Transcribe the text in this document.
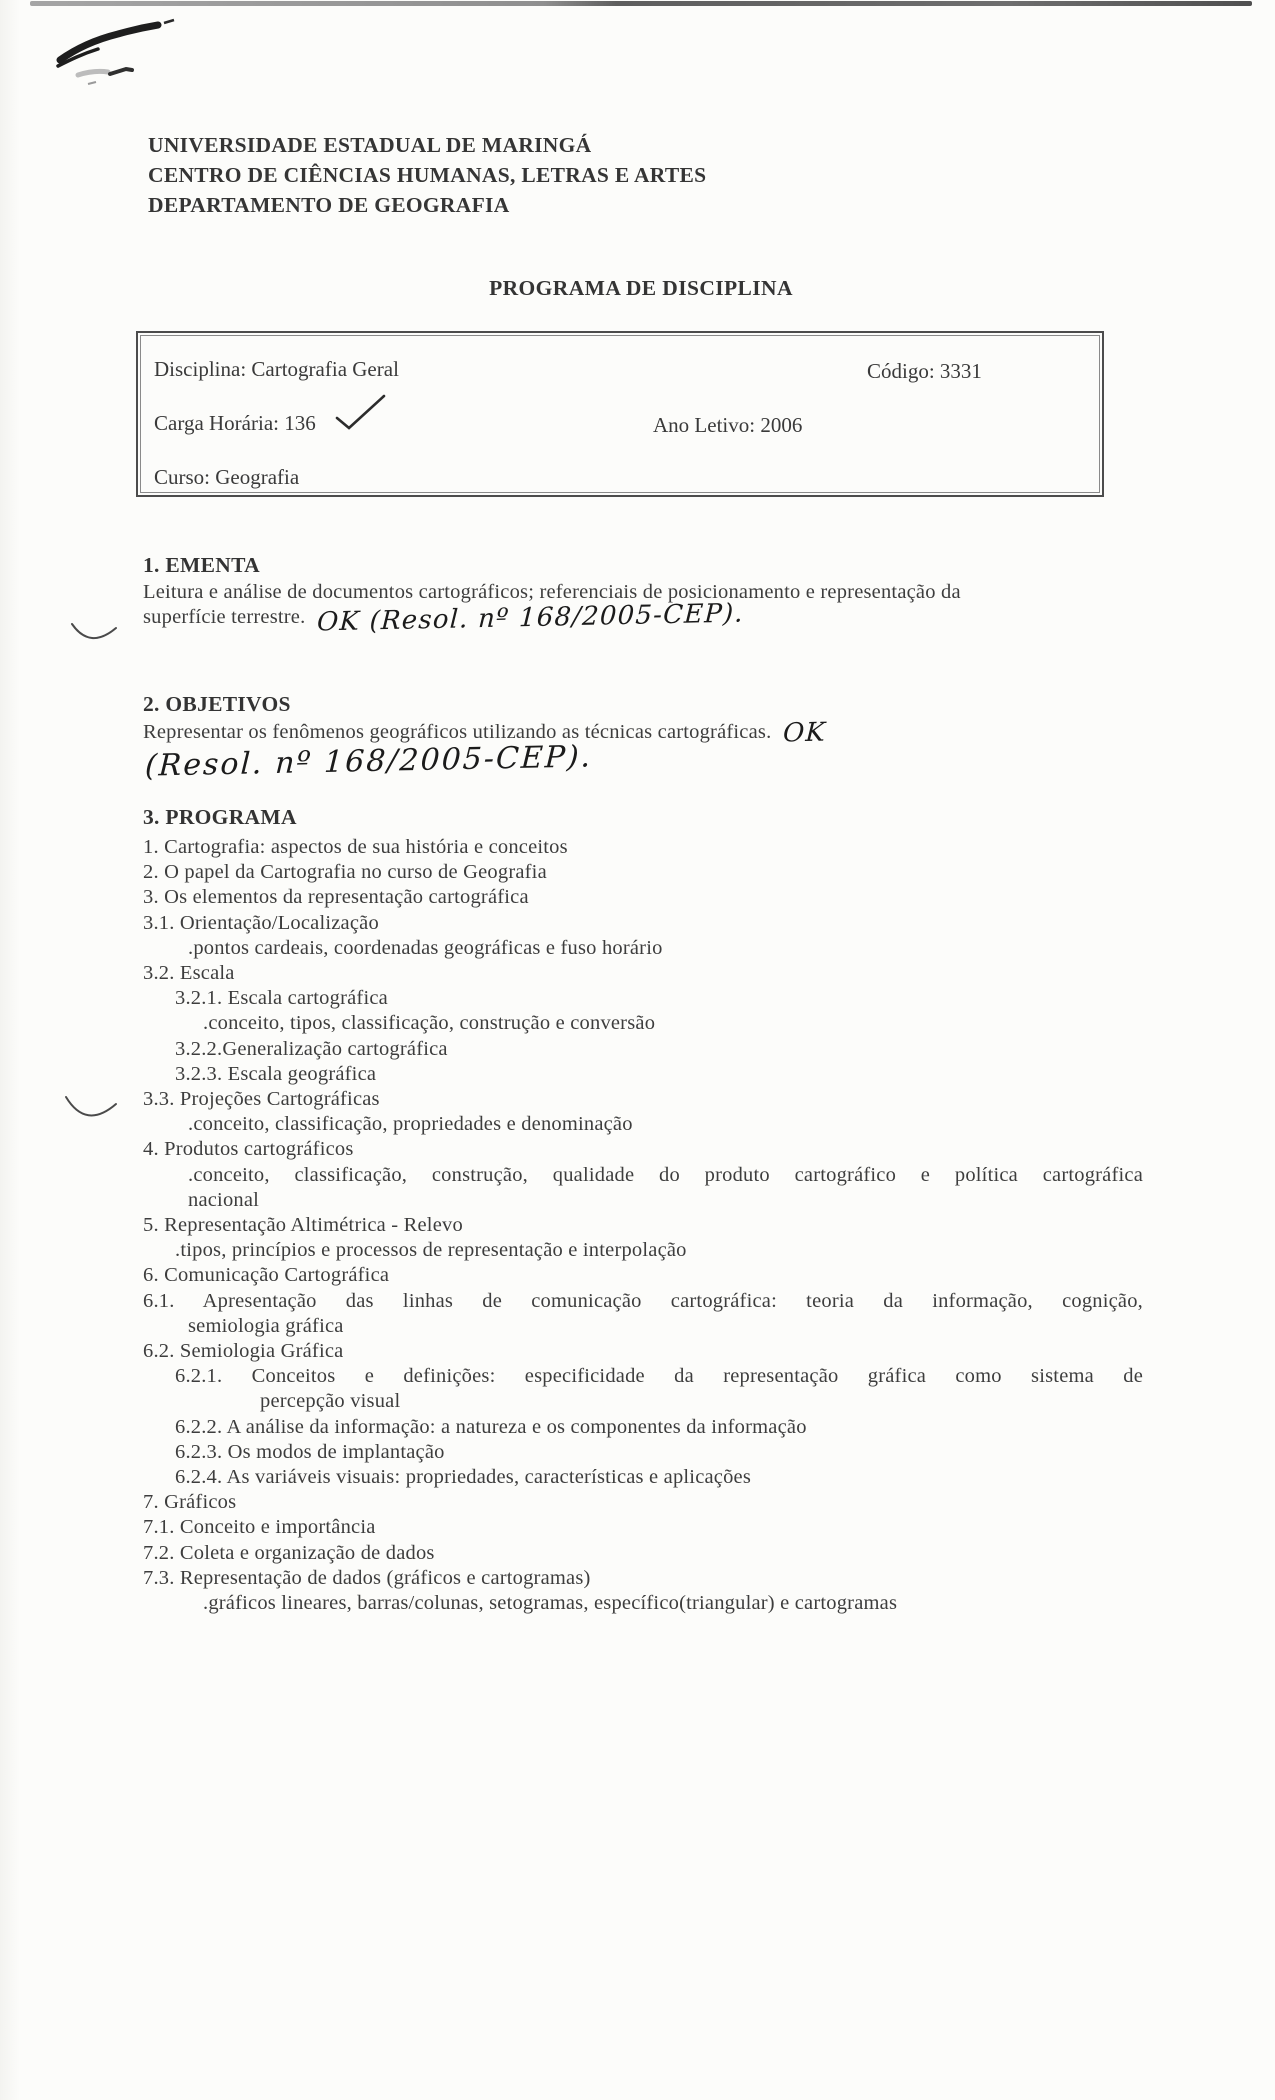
UNIVERSIDADE ESTADUAL DE MARINGÁ
CENTRO DE CIÊNCIAS HUMANAS, LETRAS E ARTES
DEPARTAMENTO DE GEOGRAFIA
PROGRAMA DE DISCIPLINA
Disciplina: Cartografia Geral	Código: 3331
Carga Horária: 136	Ano Letivo: 2006
Curso: Geografia
1. EMENTA
Leitura e análise de documentos cartográficos; referenciais de posicionamento e representação da
superfície terrestre. OK (Resol. nº 168/2005-CEP).
2. OBJETIVOS
Representar os fenômenos geográficos utilizando as técnicas cartográficas. OK
(Resol. nº 168/2005-CEP).
3. PROGRAMA
1. Cartografia: aspectos de sua história e conceitos
2. O papel da Cartografia no curso de Geografia
3. Os elementos da representação cartográfica
3.1. Orientação/Localização
.pontos cardeais, coordenadas geográficas e fuso horário
3.2. Escala
3.2.1. Escala cartográfica
.conceito, tipos, classificação, construção e conversão
3.2.2.Generalização cartográfica
3.2.3. Escala geográfica
3.3. Projeções Cartográficas
.conceito, classificação, propriedades e denominação
4. Produtos cartográficos
.conceito, classificação, construção, qualidade do produto cartográfico e política cartográfica
nacional
5. Representação Altimétrica - Relevo
.tipos, princípios e processos de representação e interpolação
6. Comunicação Cartográfica
6.1. Apresentação das linhas de comunicação cartográfica: teoria da informação, cognição,
semiologia gráfica
6.2. Semiologia Gráfica
6.2.1. Conceitos e definições: especificidade da representação gráfica como sistema de
percepção visual
6.2.2. A análise da informação: a natureza e os componentes da informação
6.2.3. Os modos de implantação
6.2.4. As variáveis visuais: propriedades, características e aplicações
7. Gráficos
7.1. Conceito e importância
7.2. Coleta e organização de dados
7.3. Representação de dados (gráficos e cartogramas)
.gráficos lineares, barras/colunas, setogramas, específico(triangular) e cartogramas
